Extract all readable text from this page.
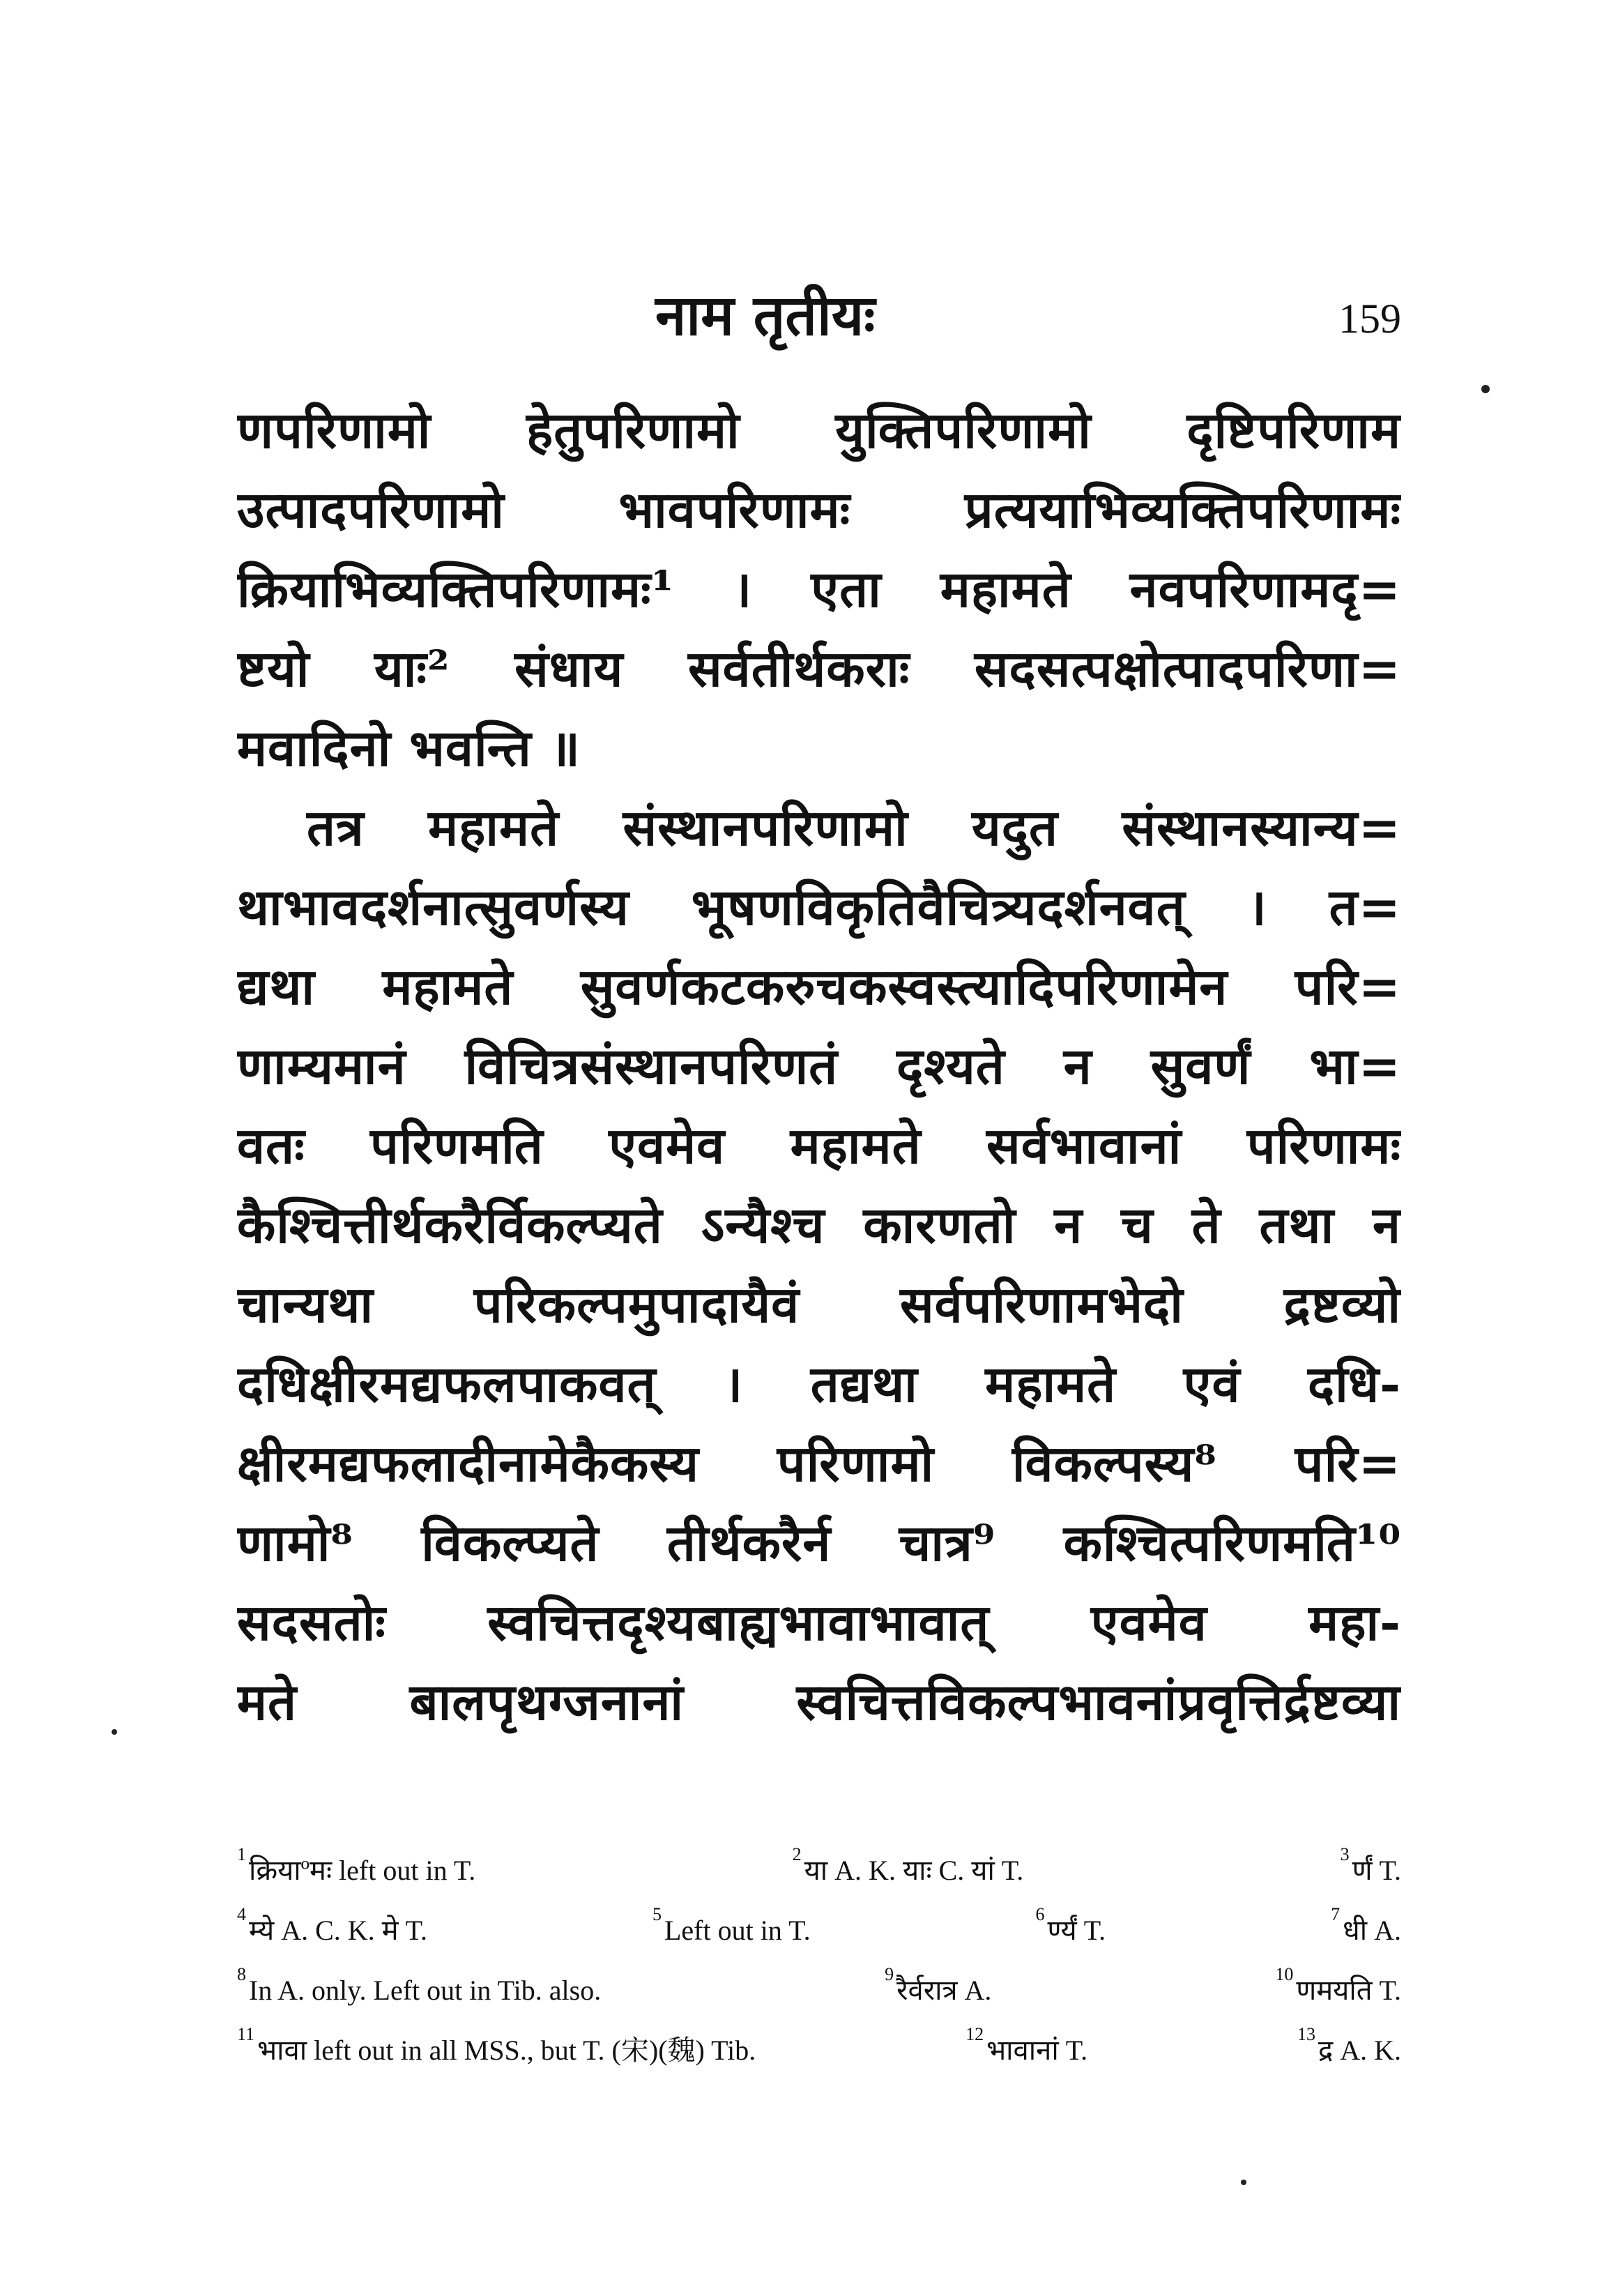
नाम तृतीयः	159
णपरिणामो हेतुपरिणामो युक्तिपरिणामो दृष्टिपरिणाम
उत्पादपरिणामो भावपरिणामः प्रत्ययाभिव्यक्तिपरिणामः
क्रियाभिव्यक्तिपरिणामः¹ । एता महामते नवपरिणामदृ=
ष्टयो याः² संधाय सर्वतीर्थकराः सदसत्पक्षोत्पादपरिणा=
मवादिनो भवन्ति ॥
तत्र महामते संस्थानपरिणामो यदुत संस्थानस्यान्य=
थाभावदर्शनात्सुवर्णस्य भूषणविकृतिवैचित्र्यदर्शनवत् । त=
द्यथा महामते सुवर्णकटकरुचकस्वस्त्यादिपरिणामेन परि=
णाम्यमानं विचित्रसंस्थानपरिणतं दृश्यते न सुवर्णं भा=
वतः परिणमति एवमेव महामते सर्वभावानां परिणामः
कैश्चित्तीर्थकरैर्विकल्प्यते ऽन्यैश्च कारणतो न च ते तथा न
चान्यथा परिकल्पमुपादायैवं सर्वपरिणामभेदो द्रष्टव्यो
दधिक्षीरमद्यफलपाकवत् । तद्यथा महामते एवं दधि-
क्षीरमद्यफलादीनामेकैकस्य परिणामो विकल्पस्य⁸ परि=
णामो⁸ विकल्प्यते तीर्थकरैर्न चात्र⁹ कश्चित्परिणमति¹⁰
सदसतोः स्वचित्तदृश्यबाह्यभावाभावात् एवमेव महा-
मते बालपृथग्जनानां स्वचित्तविकल्पभावनांप्रवृत्तिर्द्रष्टव्या
$^1$क्रियाºमः left out in T.
$^2$या A. K. याः C. यां T.
$^3$र्णं T.
$^4$म्ये A. C. K. मे T.
$^5$Left out in T.
$^6$र्ण्यं T.
$^7$धी A.
$^8$In A. only. Left out in Tib. also.
$^9$रैर्वरात्र A.
$^{10}$णमयति T.
$^{11}$भावा left out in all MSS., but T. (宋)(魏) Tib.
$^{12}$भावानां T.
$^{13}$द्र A. K.
